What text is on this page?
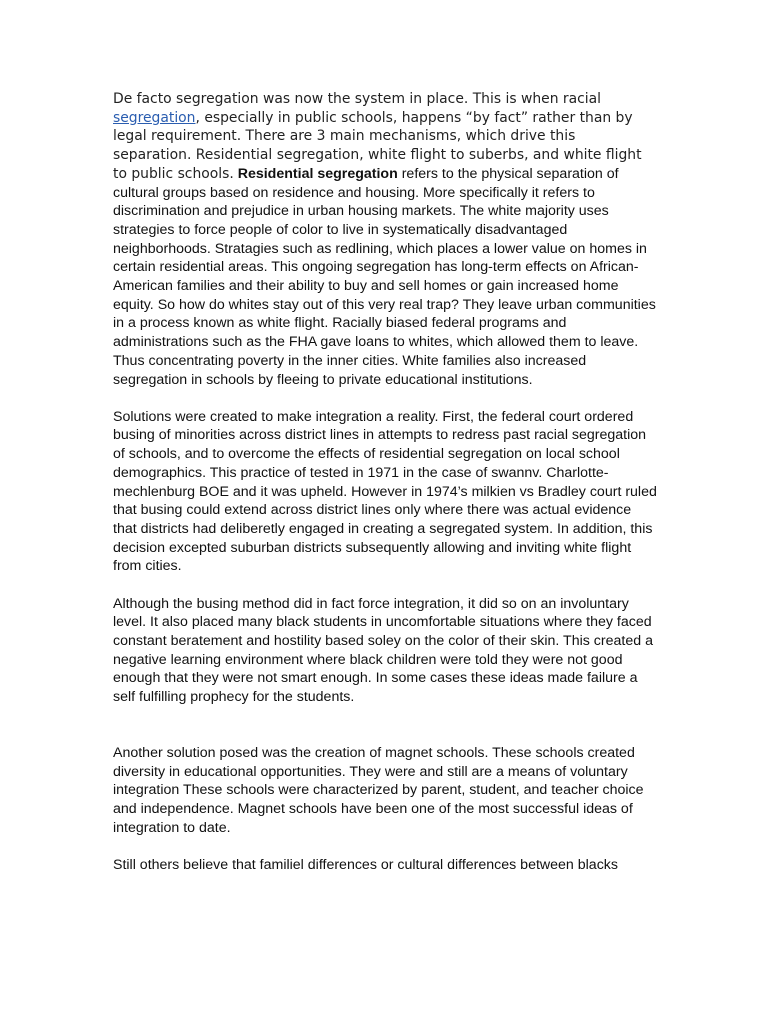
De facto segregation was now the system in place. This is when racial segregation, especially in public schools, happens “by fact” rather than by legal requirement. There are 3 main mechanisms, which drive this separation. Residential segregation, white flight to suberbs, and white flight to public schools. Residential segregation refers to the physical separation of cultural groups based on residence and housing. More specifically it refers to discrimination and prejudice in urban housing markets. The white majority uses strategies to force people of color to live in systematically disadvantaged neighborhoods. Stratagies such as redlining, which places a lower value on homes in certain residential areas. This ongoing segregation has long-term effects on African-American families and their ability to buy and sell homes or gain increased home equity. So how do whites stay out of this very real trap? They leave urban communities in a process known as white flight. Racially biased federal programs and administrations such as the FHA gave loans to whites, which allowed them to leave. Thus concentrating poverty in the inner cities. White families also increased segregation in schools by fleeing to private educational institutions.

Solutions were created to make integration a reality. First, the federal court ordered busing of minorities across district lines in attempts to redress past racial segregation of schools, and to overcome the effects of residential segregation on local school demographics. This practice of tested in 1971 in the case of swannv. Charlotte-mechlenburg BOE and it was upheld. However in 1974’s milkien vs Bradley court ruled that busing could extend across district lines only where there was actual evidence that districts had deliberetly engaged in creating a segregated system. In addition, this decision excepted suburban districts subsequently allowing and inviting white flight from cities.

Although the busing method did in fact force integration, it did so on an involuntary level. It also placed many black students in uncomfortable situations where they faced constant beratement and hostility based soley on the color of their skin. This created a negative learning environment where black children were told they were not good enough that they were not smart enough. In some cases these ideas made failure a self fulfilling prophecy for the students.

Another solution posed was the creation of magnet schools. These schools created diversity in educational opportunities. They were and still are a means of voluntary integration These schools were characterized by parent, student, and teacher choice and independence. Magnet schools have been one of the most successful ideas of integration to date.

Still others believe that familiel differences or cultural differences between blacks
